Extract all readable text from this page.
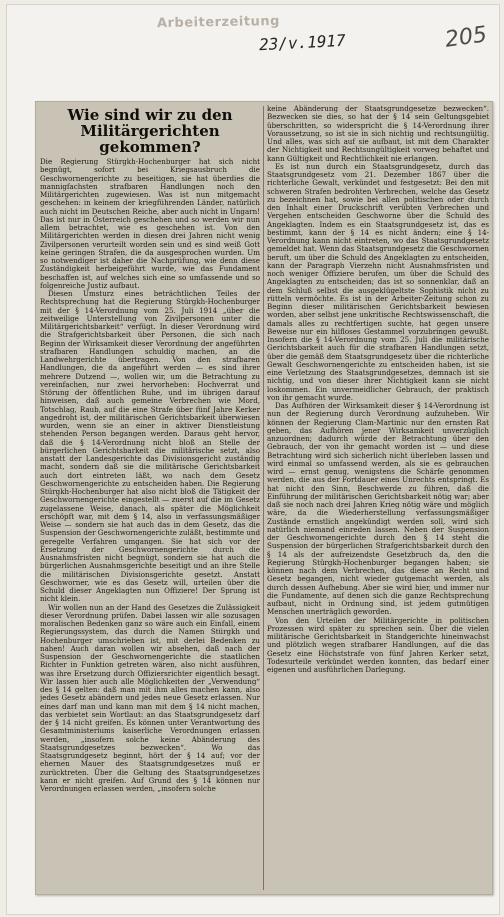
Arbeiterzeitung
23/v.1917	205
Wie sind wir zu den Militärgerichten gekommen?

Die Regierung Stürgkh-Hochenburger hat sich nicht begnügt, sofort bei Kriegsausbruch die Geschwornengerichte zu beseitigen, sie hat überdies die mannigfachsten strafbaren Handlungen noch den Militärgerichten zugewiesen. Was ist nun mitgemacht geschehen: in keinem der kriegführenden Länder, natürlich auch nicht im Deutschen Reiche, aber auch nicht in Ungarn! Das ist nur in Österreich geschehen und so werden wir nun allem betrachtet, wie es geschehen ist. Von den Militärgerichten werden in diesen drei Jahren nicht wenig Zivilpersonen verurteilt worden sein und es sind weiß Gott keine geringen Strafen, die da ausgesprochen wurden. Um so notwendiger ist daher die Nachprüfung, wie denn diese Zuständigkeit herbeigeführt wurde, wie das Fundament beschaffen ist, auf welches sich eine so umfassende und so folgenreiche Justiz aufbaut.

Diesen Umsturz eines beträchtlichen Teiles der Rechtsprechung hat die Regierung Stürgkh-Hochenburger mit der § 14-Verordnung vom 25. Juli 1914 „über die zeitweilige Unterstellung von Zivilpersonen unter die Militärgerichtsbarkeit“ verfügt. In dieser Verordnung wird die Strafgerichtsbarkeit über Personen, die sich nach Beginn der Wirksamkeit dieser Verordnung der angeführten strafbaren Handlungen schuldig machen, an die Landwehrgerichte übertragen. Von den strafbaren Handlungen, die da angeführt werden — es sind ihrer mehrere Dutzend —, wollen wir, um die Betrachtung zu vereinfachen, nur zwei hervorheben: Hochverrat und Störung der öffentlichen Ruhe, und im übrigen darauf hinweisen, daß auch gemeine Verbrechen wie Mord, Totschlag, Raub, auf die eine Strafe über fünf Jahre Kerker angedroht ist, der militärischen Gerichtsbarkeit überwiesen wurden, wenn sie an einer in aktiver Dienstleistung stehenden Person begangen werden. Daraus geht hervor, daß die § 14-Verordnung nicht bloß an Stelle der bürgerlichen Gerichtsbarkeit die militärische setzt, also anstatt der Landesgerichte das Divisionsgericht zuständig macht, sondern daß sie die militärische Gerichtsbarkeit auch dort eintreten läßt, wo nach dem Gesetz Geschwornengerichte zu entscheiden haben. Die Regierung Stürgkh-Hochenburger hat also nicht bloß die Tätigkeit der Geschwornengerichte eingestellt — zuerst auf die im Gesetz zugelassene Weise, danach, als später die Möglichkeit erschöpft war, mit dem § 14, also in verfassungsmäßiger Weise — sondern sie hat auch das in dem Gesetz, das die Suspension der Geschwornengerichte zuläßt, bestimmte und geregelte Verfahren umgangen. Sie hat sich vor der Ersetzung der Geschwornengerichte durch die Ausnahmsfristen nicht begnügt, sondern sie hat auch die bürgerlichen Ausnahmsgerichte beseitigt und an ihre Stelle die militärischen Divisionsgerichte gesetzt. Anstatt Geschworner, wie es das Gesetz will, urteilen über die Schuld dieser Angeklagten nun Offiziere! Der Sprung ist nicht klein.

Wir wollen nun an der Hand des Gesetzes die Zulässigkeit dieser Verordnung prüfen. Dabei lassen wir alle sozusagen moralischen Bedenken ganz so wäre auch ein Einfall, einem Regierungssystem, das durch die Namen Stürgkh und Hochenburger umschrieben ist, mit derlei Bedenken zu nahen! Auch daran wollen wir absehen, daß nach der Suspension der Geschwornengerichte die staatlichen Richter in Funktion getreten wären, also nicht ausführen, was ihre Ersetzung durch Offiziersrichter eigentlich besagt. Wir lassen hier auch alle Möglichkeiten der „Verwendung“ des § 14 gelten: daß man mit ihm alles machen kann, also jedes Gesetz abändern und jedes neue Gesetz erlassen. Nur eines darf man und kann man mit dem § 14 nicht machen, das verbietet sein Wortlaut: an das Staatsgrundgesetz darf der § 14 nicht greifen. Es können unter Verantwortung des Gesamtministeriums kaiserliche Verordnungen erlassen werden, „insofern solche keine Abänderung des Staatsgrundgesetzes bezwecken“. Wo das Staatsgrundgesetz beginnt, hört der § 14 auf; vor der ehernen Mauer des Staatsgrundgesetzes muß er zurücktreten. Über die Geltung des Staatsgrundgesetzes kann er nicht greifen. Auf Grund des § 14 können nur Verordnungen erlassen werden, „insofern solche

keine Abänderung der Staatsgrundgesetze bezwecken“. Bezwecken sie dies, so hat der § 14 sein Geltungsgebiet überschritten, so widerspricht die § 14-Verordnung ihrer Voraussetzung, so ist sie in sich nichtig und rechtsungültig. Und alles, was sich auf sie aufbaut, ist mit dem Charakter der Nichtigkeit und Rechtsungültigkeit vorweg behaftet und kann Gültigkeit und Rechtlichkeit nie erlangen.

Es ist nun durch ein Staatsgrundgesetz, durch das Staatsgrundgesetz vom 21. Dezember 1867 über die richterliche Gewalt, verkündet und festgesetzt: Bei den mit schweren Strafen bedrohten Verbrechen, welche das Gesetz zu bezeichnen hat, sowie bei allen politischen oder durch den Inhalt einer Druckschrift verübten Verbrechen und Vergehen entscheiden Geschworne über die Schuld des Angeklagten. Indem es ein Staatsgrundgesetz ist, das es bestimmt, kann der § 14 es nicht ändern; eine § 14-Verordnung kann nicht eintreten, wo das Staatsgrundgesetz gemeldet hat. Wenn das Staatsgrundgesetz die Geschwornen beruft, um über die Schuld des Angeklagten zu entscheiden, kann der Paragraph Vierzehn nicht Ausnahmsfristen und noch weniger Offiziere berufen, um über die Schuld des Angeklagten zu entscheiden; das ist so sonnenklar, daß an dem Schluß selbst die ausgeklügeltste Sophistik nicht zu rütteln vermöchte. Es ist in der Arbeiter-Zeitung schon zu Beginn dieser militärischen Gerichtsbarkeit bewiesen worden, aber selbst jene unkritische Rechtswissenschaft, die damals alles zu rechtfertigen suchte, hat gegen unsere Beweise nur ein hilfloses Gestammel vorzubringen gewußt. Insofern die § 14-Verordnung vom 25. Juli die militärische Gerichtsbarkeit auch für die strafbaren Handlungen setzt, über die gemäß dem Staatsgrundgesetz über die richterliche Gewalt Geschwornengerichte zu entscheiden haben, ist sie eine Verletzung des Staatsgrundgesetzes, demnach ist sie nichtig, und von dieser ihrer Nichtigkeit kann sie nicht loskommen. Ein unvermeidlicher Gebrauch, der praktisch von ihr gemacht wurde.

Das Aufhören der Wirksamkeit dieser § 14-Verordnung ist nun der Regierung durch Verordnung aufzuheben. Wir können der Regierung Clam-Martinic nur den ernsten Rat geben, das Aufhören jener Wirksamkeit unverzüglich anzuordnen; dadurch würde der Betrachtung über den Gebrauch, der von ihr gemacht worden ist — und diese Betrachtung wird sich sicherlich nicht überleben lassen und wird einmal so umfassend werden, als sie es gebrauchen wird — ernst genug, wenigstens die Schärfe genommen werden, die aus der Fortdauer eines Unrechts entspringt. Es hat nicht den Sinn, Beschwerde zu führen, daß die Einführung der militärischen Gerichtsbarkeit nötig war; aber daß sie noch nach drei Jahren Krieg nötig wäre und möglich wäre, da die Wiederherstellung verfassungsmäßiger Zustände ernstlich angekündigt werden soll, wird sich natürlich niemand einreden lassen. Neben der Suspension der Geschwornengerichte durch den § 14 steht die Suspension der bürgerlichen Strafgerichtsbarkeit durch den § 14 als der aufreizendste Gesetzbruch da, den die Regierung Stürgkh-Hochenburger begangen haben; sie können nach dem Verbrechen, das diese an Recht und Gesetz begangen, nicht wieder gutgemacht werden, als durch dessen Aufhebung. Aber sie wird hier, und immer nur die Fundamente, auf denen sich die ganze Rechtsprechung aufbaut, nicht in Ordnung sind, ist jedem gutmütigen Menschen unerträglich geworden.

Von den Urteilen der Militärgerichte in politischen Prozessen wird später zu sprechen sein. Über die vielen militärische Gerichtsbarkeit in Standgerichte hineinwachst und plötzlich wegen strafbarer Handlungen, auf die das Gesetz eine Höchststrafe von fünf Jahren Kerker setzt, Todesurteile verkündet werden konnten, das bedarf einer eigenen und ausführlichen Darlegung.
